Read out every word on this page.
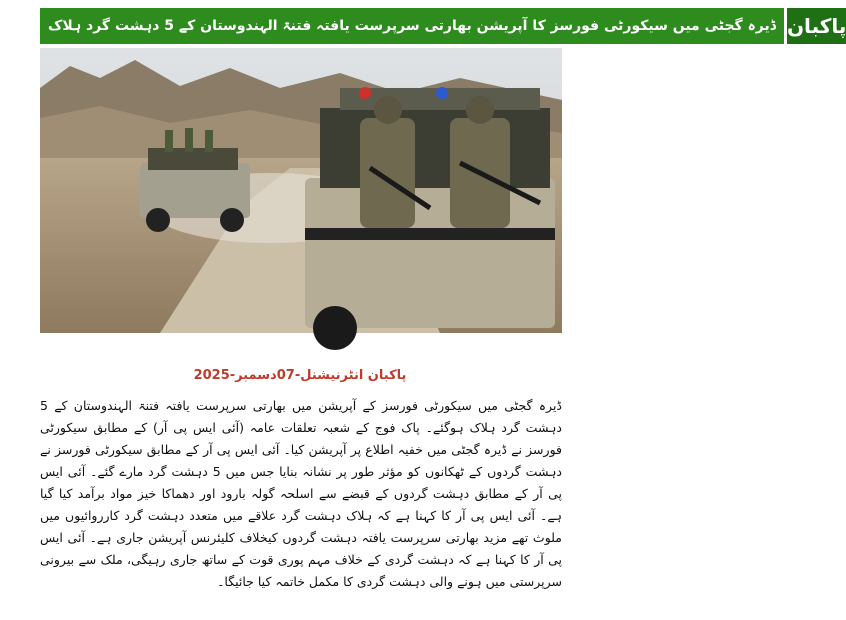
ڈیرہ گجٹی میں سیکورٹی فورسز کا آپریشن بھارتی سرپرست یافتہ فتنۃ الہندوستان کے 5 دہشت گرد ہلاک پاکبان
پاکبان انٹرنیشنل-07دسمبر-2025

ڈیرہ گجٹی میں سیکورٹی فورسز کے آپریشن میں بھارتی سرپرست یافتہ فتنۃ الہندوستان کے 5 دہشت گرد ہلاک ہوگئے۔ پاک فوج کے شعبہ تعلقات عامہ (آئی ایس پی آر) کے مطابق سیکورٹی فورسز نے ڈیرہ گجٹی میں خفیہ اطلاع پر آپریشن کیا۔ آئی ایس پی آر کے مطابق سیکورٹی فورسز نے دہشت گردوں کے ٹھکانوں کو مؤثر طور پر نشانہ بنایا جس میں 5 دہشت گرد مارے گئے۔ آئی ایس پی آر کے مطابق دہشت گردوں کے قبضے سے اسلحہ گولہ بارود اور دھماکا خیز مواد برآمد کیا گیا ہے۔ آئی ایس پی آر کا کہنا ہے کہ ہلاک دہشت گرد علاقے میں متعدد دہشت گرد کارروائیوں میں ملوث تھے مزید بھارتی سرپرست یافتہ دہشت گردوں کیخلاف کلیئرنس آپریشن جاری ہے۔ آئی ایس پی آر کا کہنا ہے کہ دہشت گردی کے خلاف مہم پوری قوت کے ساتھ جاری رہیگی، ملک سے بیرونی سرپرستی میں ہونے والی دہشت گردی کا مکمل خاتمہ کیا جائیگا۔
